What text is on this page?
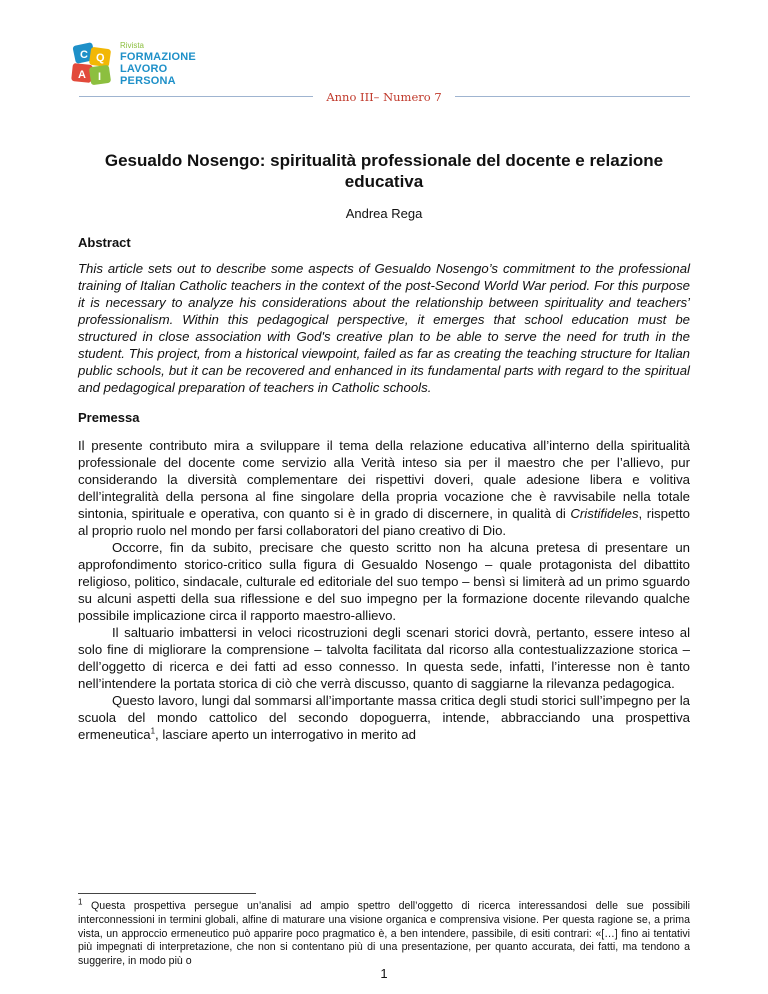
C Q
A I
Rivista
FORMAZIONE
LAVORO
PERSONA
Anno III– Numero 7
Gesualdo Nosengo: spiritualità professionale del docente e relazione educativa
Andrea Rega
Abstract

This article sets out to describe some aspects of Gesualdo Nosengo’s commitment to the professional training of Italian Catholic teachers in the context of the post-Second World War period. For this purpose it is necessary to analyze his considerations about the relationship between spirituality and teachers’ professionalism. Within this pedagogical perspective, it emerges that school education must be structured in close association with God's creative plan to be able to serve the need for truth in the student. This project, from a historical viewpoint, failed as far as creating the teaching structure for Italian public schools, but it can be recovered and enhanced in its fundamental parts with regard to the spiritual and pedagogical preparation of teachers in Catholic schools.

Premessa

Il presente contributo mira a sviluppare il tema della relazione educativa all’interno della spiritualità professionale del docente come servizio alla Verità inteso sia per il maestro che per l’allievo, pur considerando la diversità complementare dei rispettivi doveri, quale adesione libera e volitiva dell’integralità della persona al fine singolare della propria vocazione che è ravvisabile nella totale sintonia, spirituale e operativa, con quanto si è in grado di discernere, in qualità di Cristifideles, rispetto al proprio ruolo nel mondo per farsi collaboratori del piano creativo di Dio.

Occorre, fin da subito, precisare che questo scritto non ha alcuna pretesa di presentare un approfondimento storico-critico sulla figura di Gesualdo Nosengo – quale protagonista del dibattito religioso, politico, sindacale, culturale ed editoriale del suo tempo – bensì si limiterà ad un primo sguardo su alcuni aspetti della sua riflessione e del suo impegno per la formazione docente rilevando qualche possibile implicazione circa il rapporto maestro-allievo.

Il saltuario imbattersi in veloci ricostruzioni degli scenari storici dovrà, pertanto, essere inteso al solo fine di migliorare la comprensione – talvolta facilitata dal ricorso alla contestualizzazione storica – dell’oggetto di ricerca e dei fatti ad esso connesso. In questa sede, infatti, l’interesse non è tanto nell’intendere la portata storica di ciò che verrà discusso, quanto di saggiarne la rilevanza pedagogica.

Questo lavoro, lungi dal sommarsi all’importante massa critica degli studi storici sull’impegno per la scuola del mondo cattolico del secondo dopoguerra, intende, abbracciando una prospettiva ermeneutica$^1$, lasciare aperto un interrogativo in merito ad

$^1$ Questa prospettiva persegue un’analisi ad ampio spettro dell’oggetto di ricerca interessandosi delle sue possibili interconnessioni in termini globali, alfine di maturare una visione organica e comprensiva visione. Per questa ragione se, a prima vista, un approccio ermeneutico può apparire poco pragmatico è, a ben intendere, passibile, di esiti contrari: «[…] fino ai tentativi più impegnati di interpretazione, che non si contentano più di una presentazione, per quanto accurata, dei fatti, ma tendono a suggerire, in modo più o

1
